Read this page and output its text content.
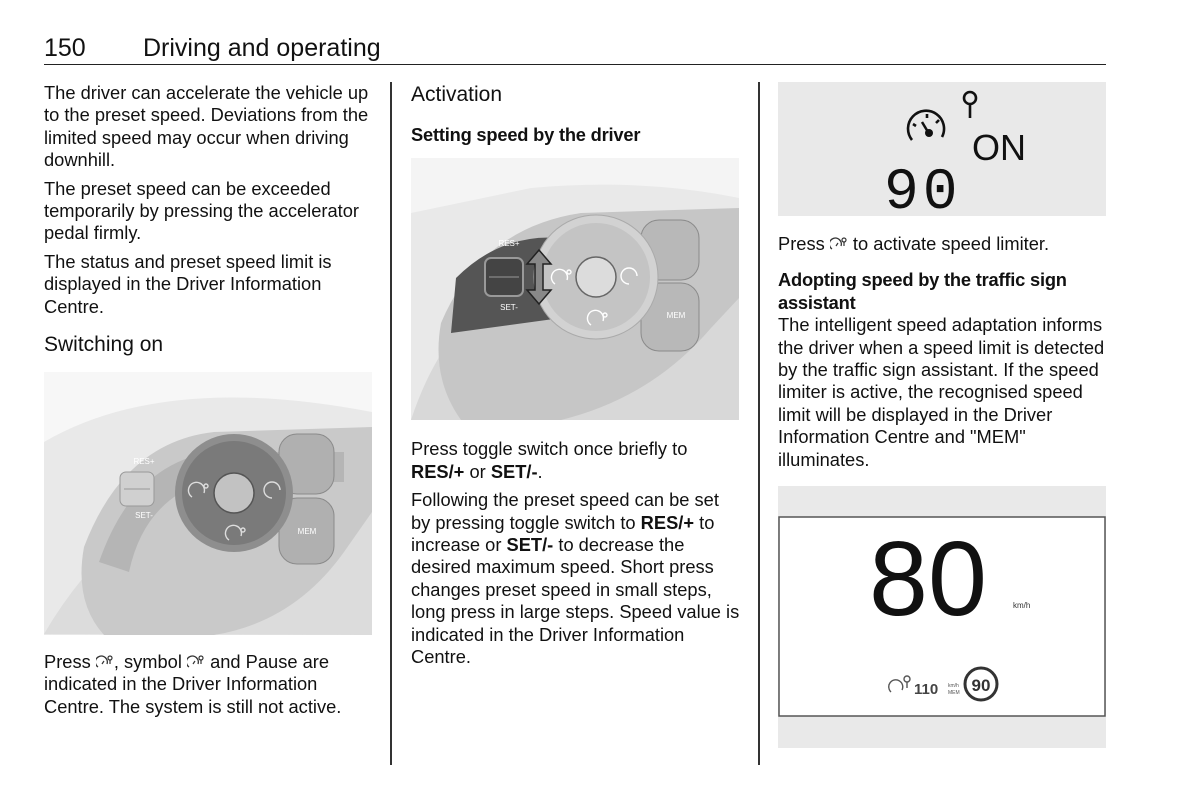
150 Driving and operating

The driver can accelerate the vehicle up to the preset speed. Deviations from the limited speed may occur when driving downhill.

The preset speed can be exceeded temporarily by pressing the accelerator pedal firmly.

The status and preset speed limit is displayed in the Driver Information Centre.

Switching on
MEM
RES+
SET-

Press , symbol and Pause are indicated in the Driver Information Centre. The system is still not active.

Activation
Setting speed by the driver
MEM
RES+
SET-

Press toggle switch once briefly to RES/+ or SET/-.

Following the preset speed can be set by pressing toggle switch to RES/+ to increase or SET/- to decrease the desired maximum speed. Short press changes preset speed in small steps, long press in large steps. Speed value is indicated in the Driver Information Centre.

ON
90

Press to activate speed limiter.

Adopting speed by the traffic sign assistant

The intelligent speed adaptation informs the driver when a speed limit is detected by the traffic sign assistant. If the speed limiter is active, the recognised speed limit will be displayed in the Driver Information Centre and "MEM" illuminates.

80	km/h
110 km/h
MEM 90
